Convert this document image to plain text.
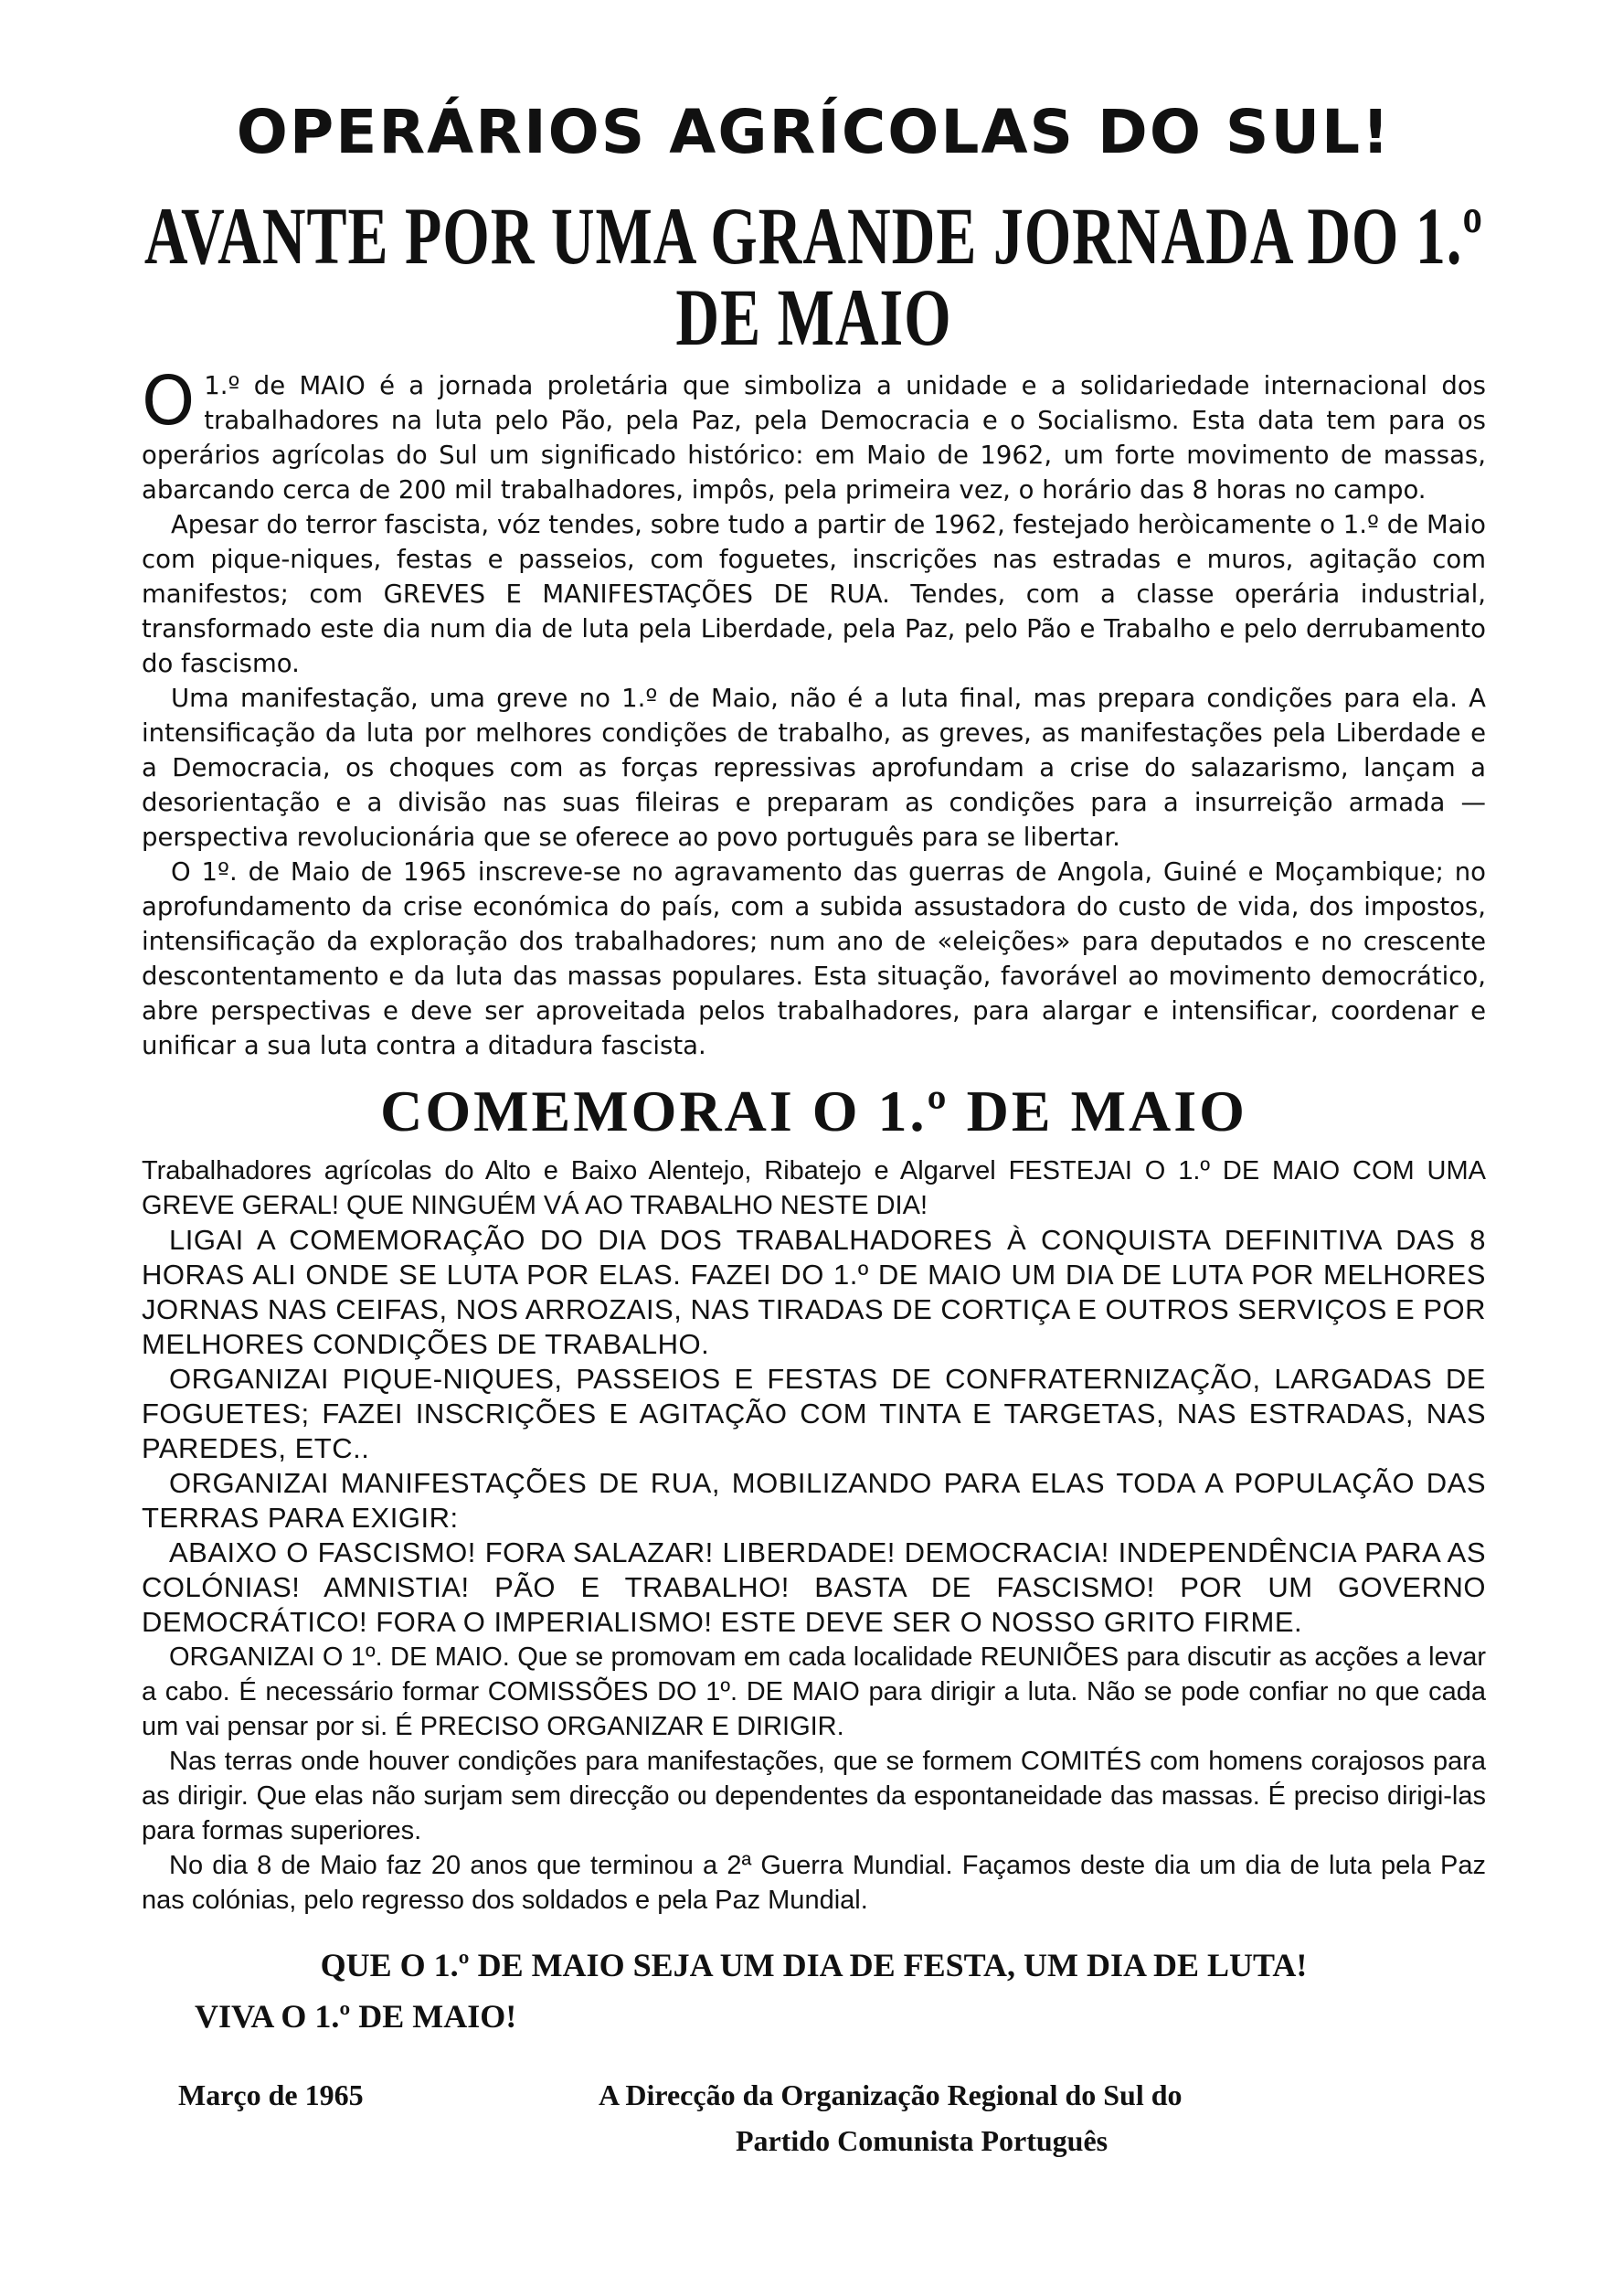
OPERÁRIOS AGRÍCOLAS DO SUL!
AVANTE POR UMA GRANDE JORNADA DO 1.º DE MAIO

O 1.º de MAIO é a jornada proletária que simboliza a unidade e a solidariedade internacional dos trabalhadores na luta pelo Pão, pela Paz, pela Democracia e o Socialismo. Esta data tem para os operários agrícolas do Sul um significado histórico: em Maio de 1962, um forte movimento de massas, abarcando cerca de 200 mil trabalhadores, impôs, pela primeira vez, o horário das 8 horas no campo.

Apesar do terror fascista, vóz tendes, sobre tudo a partir de 1962, festejado heròicamente o 1.º de Maio com pique-niques, festas e passeios, com foguetes, inscrições nas estradas e muros, agitação com manifestos; com GREVES E MANIFESTAÇÕES DE RUA. Tendes, com a classe operária industrial, transformado este dia num dia de luta pela Liberdade, pela Paz, pelo Pão e Trabalho e pelo derrubamento do fascismo.

Uma manifestação, uma greve no 1.º de Maio, não é a luta final, mas prepara condições para ela. A intensificação da luta por melhores condições de trabalho, as greves, as manifestações pela Liberdade e a Democracia, os choques com as forças repressivas aprofundam a crise do salazarismo, lançam a desorientação e a divisão nas suas fileiras e preparam as condições para a insurreição armada — perspectiva revolucionária que se oferece ao povo português para se libertar.

O 1º. de Maio de 1965 inscreve-se no agravamento das guerras de Angola, Guiné e Moçambique; no aprofundamento da crise económica do país, com a subida assustadora do custo de vida, dos impostos, intensificação da exploração dos trabalhadores; num ano de «eleições» para deputados e no crescente descontentamento e da luta das massas populares. Esta situação, favorável ao movimento democrático, abre perspectivas e deve ser aproveitada pelos trabalhadores, para alargar e intensificar, coordenar e unificar a sua luta contra a ditadura fascista.

COMEMORAI O 1.º DE MAIO

Trabalhadores agrícolas do Alto e Baixo Alentejo, Ribatejo e Algarvel FESTEJAI O 1.º DE MAIO COM UMA GREVE GERAL! QUE NINGUÉM VÁ AO TRABALHO NESTE DIA!

LIGAI A COMEMORAÇÃO DO DIA DOS TRABALHADORES À CONQUISTA DEFINITIVA DAS 8 HORAS ALI ONDE SE LUTA POR ELAS. FAZEI DO 1.º DE MAIO UM DIA DE LUTA POR MELHORES JORNAS NAS CEIFAS, NOS ARROZAIS, NAS TIRADAS DE CORTIÇA E OUTROS SERVIÇOS E POR MELHORES CONDIÇÕES DE TRABALHO.

ORGANIZAI PIQUE-NIQUES, PASSEIOS E FESTAS DE CONFRATERNIZAÇÃO, LARGADAS DE FOGUETES; FAZEI INSCRIÇÕES E AGITAÇÃO COM TINTA E TARGETAS, NAS ESTRADAS, NAS PAREDES, ETC..

ORGANIZAI MANIFESTAÇÕES DE RUA, MOBILIZANDO PARA ELAS TODA A POPULAÇÃO DAS TERRAS PARA EXIGIR:

ABAIXO O FASCISMO! FORA SALAZAR! LIBERDADE! DEMOCRACIA! INDEPENDÊNCIA PARA AS COLÓNIAS! AMNISTIA! PÃO E TRABALHO! BASTA DE FASCISMO! POR UM GOVERNO DEMOCRÁTICO! FORA O IMPERIALISMO! ESTE DEVE SER O NOSSO GRITO FIRME.

ORGANIZAI O 1º. DE MAIO. Que se promovam em cada localidade REUNIÕES para discutir as acções a levar a cabo. É necessário formar COMISSÕES DO 1º. DE MAIO para dirigir a luta. Não se pode confiar no que cada um vai pensar por si. É PRECISO ORGANIZAR E DIRIGIR.

Nas terras onde houver condições para manifestações, que se formem COMITÉS com homens corajosos para as dirigir. Que elas não surjam sem direcção ou dependentes da espontaneidade das massas. É preciso dirigi-las para formas superiores.

No dia 8 de Maio faz 20 anos que terminou a 2ª Guerra Mundial. Façamos deste dia um dia de luta pela Paz nas colónias, pelo regresso dos soldados e pela Paz Mundial.

QUE O 1.º DE MAIO SEJA UM DIA DE FESTA, UM DIA DE LUTA!
VIVA O 1.º DE MAIO!
Março de 1965	A Direcção da Organização Regional do Sul do
Partido Comunista Português
